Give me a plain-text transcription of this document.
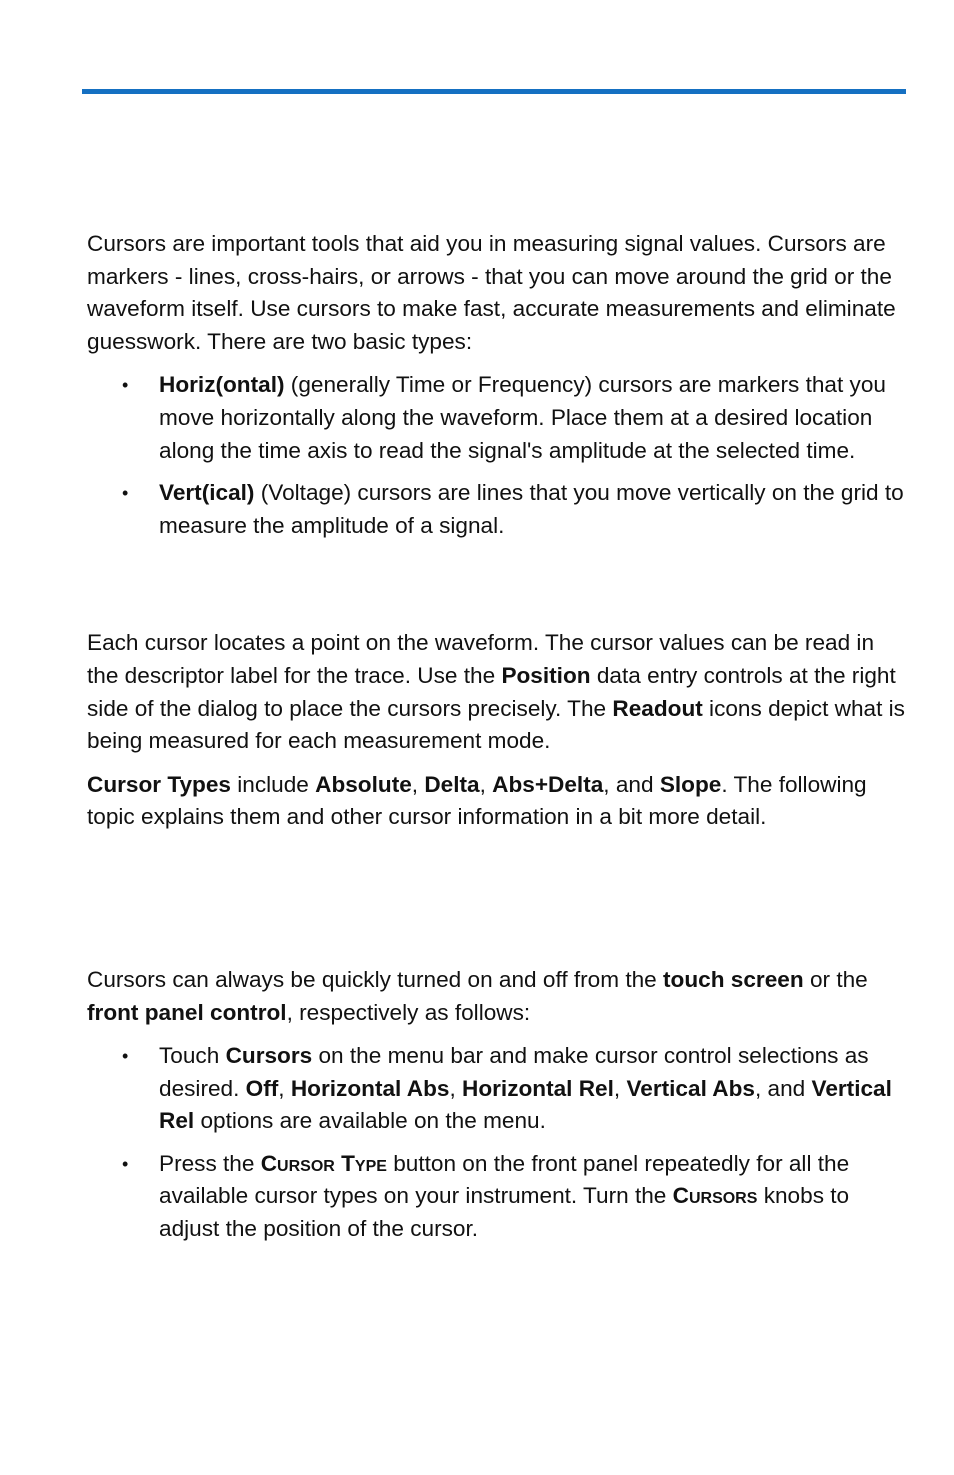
Cursors are important tools that aid you in measuring signal values. Cursors are markers - lines, cross-hairs, or arrows - that you can move around the grid or the waveform itself. Use cursors to make fast, accurate measurements and eliminate guesswork. There are two basic types:

• Horiz(ontal) (generally Time or Frequency) cursors are markers that you move horizontally along the waveform. Place them at a desired location along the time axis to read the signal's amplitude at the selected time.
• Vert(ical) (Voltage) cursors are lines that you move vertically on the grid to measure the amplitude of a signal.

Each cursor locates a point on the waveform. The cursor values can be read in the descriptor label for the trace. Use the Position data entry controls at the right side of the dialog to place the cursors precisely. The Readout icons depict what is being measured for each measurement mode.

Cursor Types include Absolute, Delta, Abs+Delta, and Slope. The following topic explains them and other cursor information in a bit more detail.

Cursors can always be quickly turned on and off from the touch screen or the front panel control, respectively as follows:

• Touch Cursors on the menu bar and make cursor control selections as desired. Off, Horizontal Abs, Horizontal Rel, Vertical Abs, and Vertical Rel options are available on the menu.
• Press the Cursor Type button on the front panel repeatedly for all the available cursor types on your instrument. Turn the Cursors knobs to adjust the position of the cursor.
